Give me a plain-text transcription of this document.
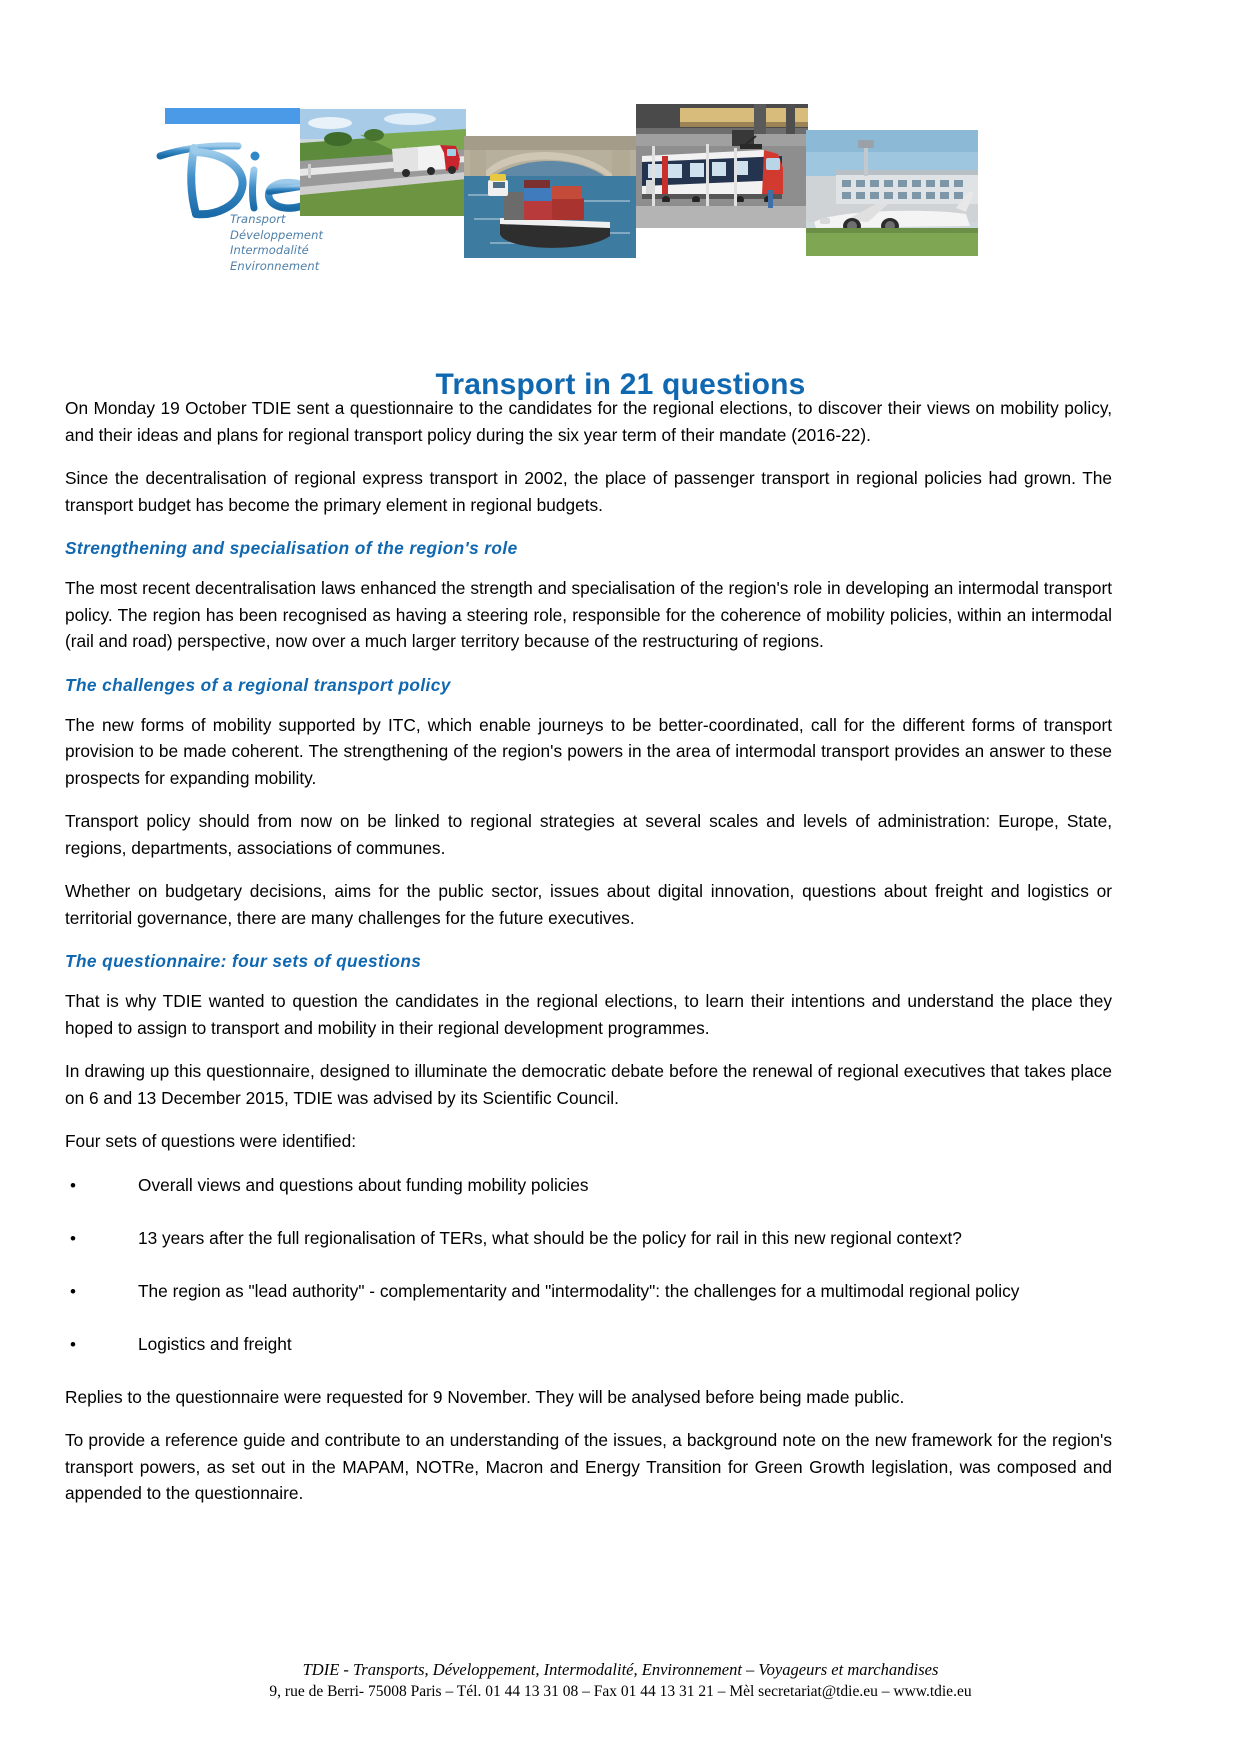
Transport
Développement
Intermodalité
Environnement
Transport in 21 questions

On Monday 19 October TDIE sent a questionnaire to the candidates for the regional elections, to discover their views on mobility policy, and their ideas and plans for regional transport policy during the six year term of their mandate (2016-22).

Since the decentralisation of regional express transport in 2002, the place of passenger transport in regional policies had grown. The transport budget has become the primary element in regional budgets.

Strengthening and specialisation of the region's role

The most recent decentralisation laws enhanced the strength and specialisation of the region's role in developing an intermodal transport policy. The region has been recognised as having a steering role, responsible for the coherence of mobility policies, within an intermodal (rail and road) perspective, now over a much larger territory because of the restructuring of regions.

The challenges of a regional transport policy

The new forms of mobility supported by ITC, which enable journeys to be better-coordinated, call for the different forms of transport provision to be made coherent. The strengthening of the region's powers in the area of intermodal transport provides an answer to these prospects for expanding mobility.

Transport policy should from now on be linked to regional strategies at several scales and levels of administration: Europe, State, regions, departments, associations of communes.

Whether on budgetary decisions, aims for the public sector, issues about digital innovation, questions about freight and logistics or territorial governance, there are many challenges for the future executives.

The questionnaire: four sets of questions

That is why TDIE wanted to question the candidates in the regional elections, to learn their intentions and understand the place they hoped to assign to transport and mobility in their regional development programmes.

In drawing up this questionnaire, designed to illuminate the democratic debate before the renewal of regional executives that takes place on 6 and 13 December 2015, TDIE was advised by its Scientific Council.

Four sets of questions were identified:

•	Overall views and questions about funding mobility policies
•	13 years after the full regionalisation of TERs, what should be the policy for rail in this new regional context?
•	The region as "lead authority" - complementarity and "intermodality": the challenges for a multimodal regional policy
•	Logistics and freight

Replies to the questionnaire were requested for 9 November. They will be analysed before being made public.

To provide a reference guide and contribute to an understanding of the issues, a background note on the new framework for the region's transport powers, as set out in the MAPAM, NOTRe, Macron and Energy Transition for Green Growth legislation, was composed and appended to the questionnaire.

TDIE - Transports, Développement, Intermodalité, Environnement – Voyageurs et marchandises
9, rue de Berri- 75008 Paris – Tél. 01 44 13 31 08 – Fax 01 44 13 31 21 – Mèl secretariat@tdie.eu – www.tdie.eu
